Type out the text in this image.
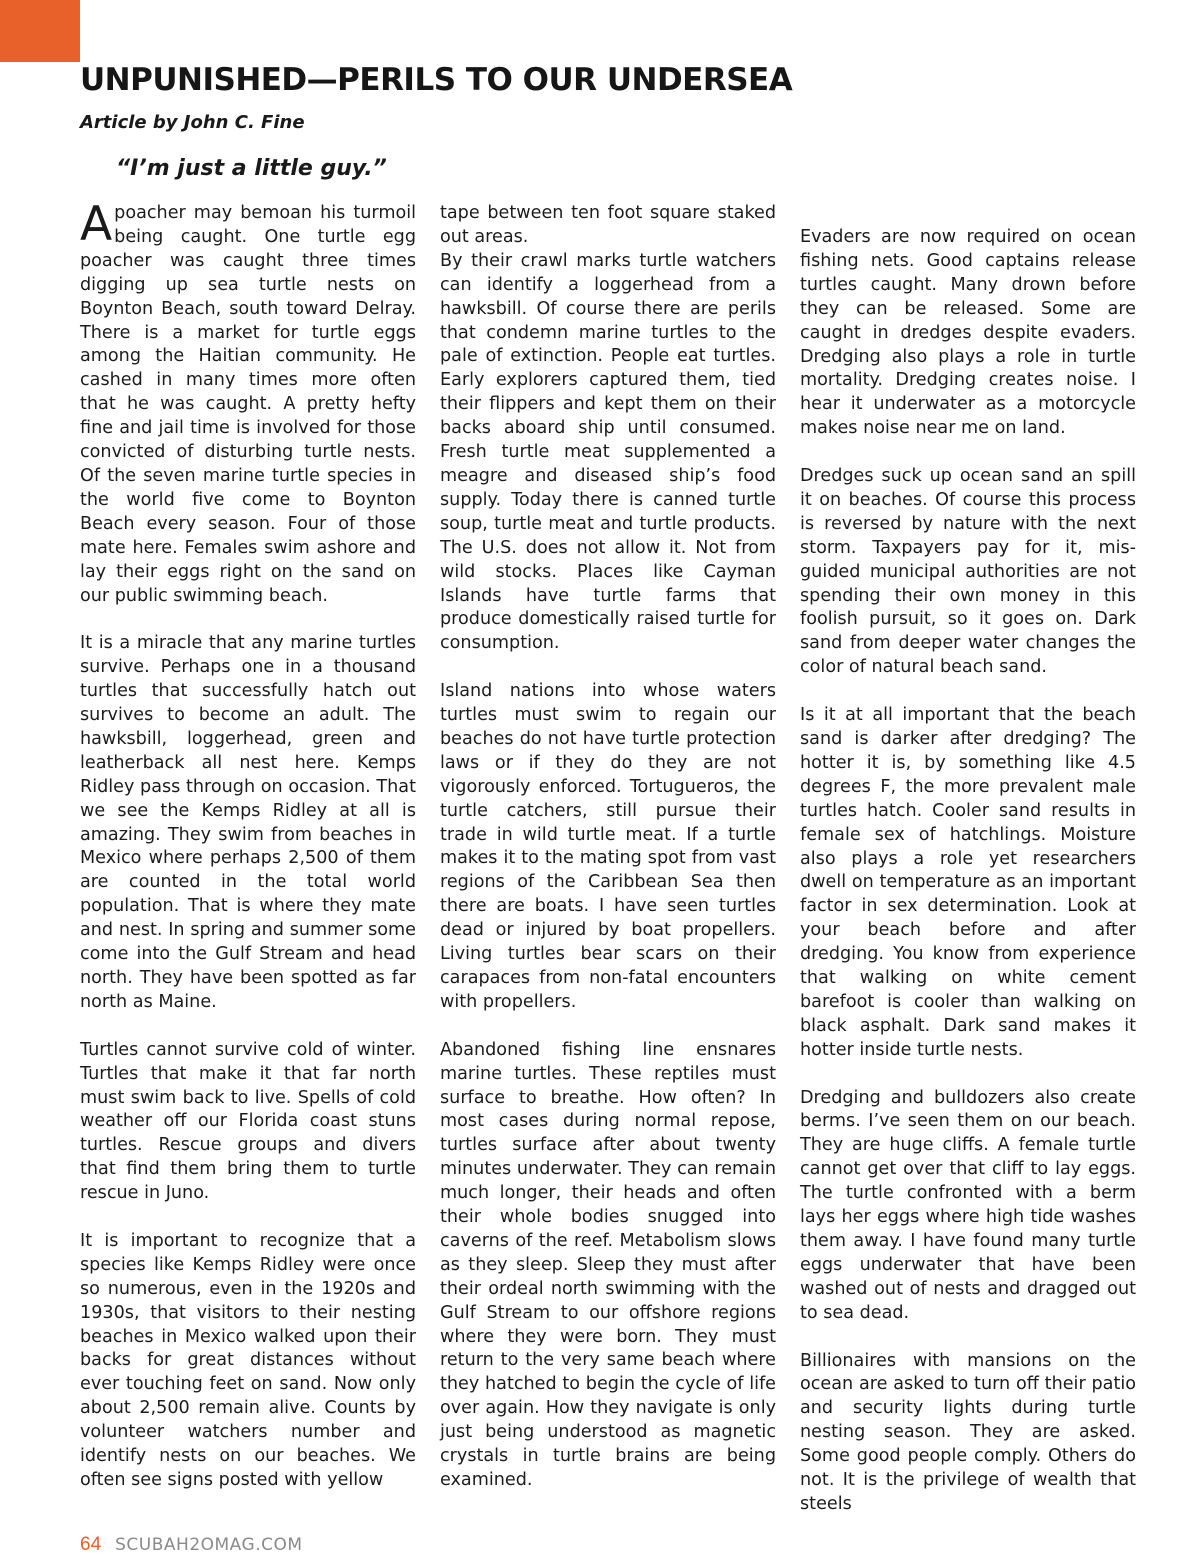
UNPUNISHED—PERILS TO OUR UNDERSEA
Article by John C. Fine
“I’m just a little guy.”

A poacher may bemoan his turmoil being caught. One turtle egg poacher was caught three times digging up sea turtle nests on Boynton Beach, south toward Delray. There is a market for turtle eggs among the Haitian community. He cashed in many times more often that he was caught. A pretty hefty fine and jail time is involved for those convicted of disturbing turtle nests. Of the seven marine turtle species in the world five come to Boynton Beach every season. Four of those mate here. Females swim ashore and lay their eggs right on the sand on our public swimming beach.

It is a miracle that any marine turtles survive. Perhaps one in a thousand turtles that successfully hatch out survives to become an adult. The hawksbill, loggerhead, green and leatherback all nest here. Kemps Ridley pass through on occasion. That we see the Kemps Ridley at all is amazing. They swim from beaches in Mexico where perhaps 2,500 of them are counted in the total world population. That is where they mate and nest. In spring and summer some come into the Gulf Stream and head north. They have been spotted as far north as Maine.

Turtles cannot survive cold of winter. Turtles that make it that far north must swim back to live. Spells of cold weather off our Florida coast stuns turtles. Rescue groups and divers that find them bring them to turtle rescue in Juno.

It is important to recognize that a species like Kemps Ridley were once so numerous, even in the 1920s and 1930s, that visitors to their nesting beaches in Mexico walked upon their backs for great distances without ever touching feet on sand. Now only about 2,500 remain alive. Counts by volunteer watchers number and identify nests on our beaches. We often see signs posted with yellow

tape between ten foot square staked out areas.

By their crawl marks turtle watchers can identify a loggerhead from a hawksbill. Of course there are perils that condemn marine turtles to the pale of extinction. People eat turtles. Early explorers captured them, tied their flippers and kept them on their backs aboard ship until consumed. Fresh turtle meat supplemented a meagre and diseased ship’s food supply. Today there is canned turtle soup, turtle meat and turtle products. The U.S. does not allow it. Not from wild stocks. Places like Cayman Islands have turtle farms that produce domestically raised turtle for consumption.

Island nations into whose waters turtles must swim to regain our beaches do not have turtle protection laws or if they do they are not vigorously enforced. Tortugueros, the turtle catchers, still pursue their trade in wild turtle meat. If a turtle makes it to the mating spot from vast regions of the Caribbean Sea then there are boats. I have seen turtles dead or injured by boat propellers. Living turtles bear scars on their carapaces from non-fatal encounters with propellers.

Abandoned fishing line ensnares marine turtles. These reptiles must surface to breathe. How often? In most cases during normal repose, turtles surface after about twenty minutes underwater. They can remain much longer, their heads and often their whole bodies snugged into caverns of the reef. Metabolism slows as they sleep. Sleep they must after their ordeal north swimming with the Gulf Stream to our offshore regions where they were born. They must return to the very same beach where they hatched to begin the cycle of life over again. How they navigate is only just being understood as magnetic crystals in turtle brains are being examined.

Evaders are now required on ocean fishing nets. Good captains release turtles caught. Many drown before they can be released. Some are caught in dredges despite evaders. Dredging also plays a role in turtle mortality. Dredging creates noise. I hear it underwater as a motorcycle makes noise near me on land.

Dredges suck up ocean sand an spill it on beaches. Of course this process is reversed by nature with the next storm. Taxpayers pay for it, mis-guided municipal authorities are not spending their own money in this foolish pursuit, so it goes on. Dark sand from deeper water changes the color of natural beach sand.

Is it at all important that the beach sand is darker after dredging? The hotter it is, by something like 4.5 degrees F, the more prevalent male turtles hatch. Cooler sand results in female sex of hatchlings. Moisture also plays a role yet researchers dwell on temperature as an important factor in sex determination. Look at your beach before and after dredging. You know from experience that walking on white cement barefoot is cooler than walking on black asphalt. Dark sand makes it hotter inside turtle nests.

Dredging and bulldozers also create berms. I’ve seen them on our beach. They are huge cliffs. A female turtle cannot get over that cliff to lay eggs. The turtle confronted with a berm lays her eggs where high tide washes them away. I have found many turtle eggs underwater that have been washed out of nests and dragged out to sea dead.

Billionaires with mansions on the ocean are asked to turn off their patio and security lights during turtle nesting season. They are asked. Some good people comply. Others do not. It is the privilege of wealth that steels

64 SCUBAH2OMAG.COM
